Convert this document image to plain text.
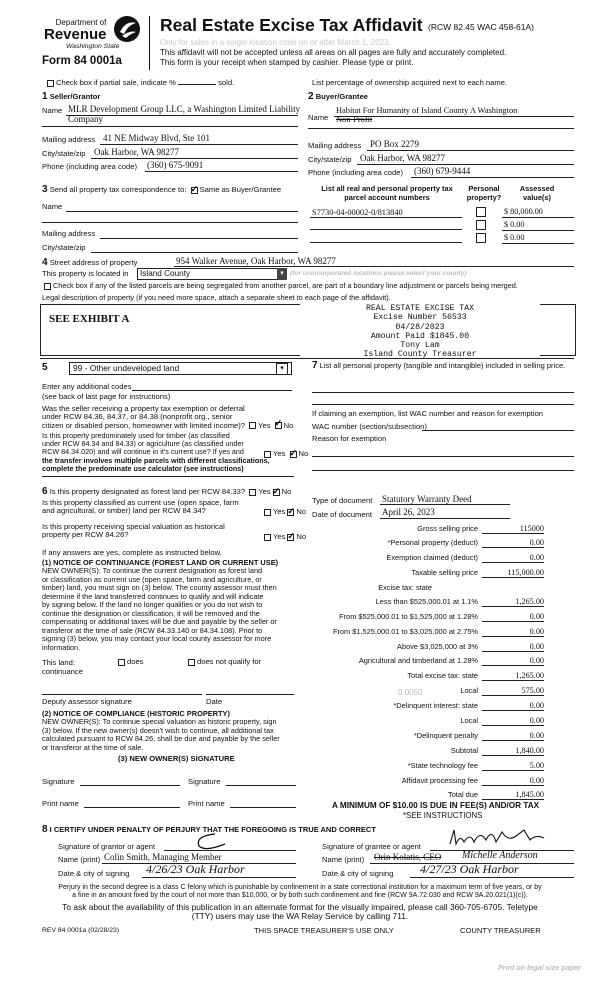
Department of
Revenue
Washington State
Form 84 0001a
Real Estate Excise Tax Affidavit (RCW 82.45 WAC 458-61A)
Only for sales in a single location code on or after March 1, 2023.
This affidavit will not be accepted unless all areas on all pages are fully and accurately completed.
This form is your receipt when stamped by cashier. Please type or print.
Check box if partial sale, indicate %	sold.	List percentage of ownership acquired next to each name.
1 Seller/Grantor
Name MLR Development Group LLC, a Washington Limited Liability
Company
Mailing address 41 NE Midway Blvd, Ste 101
City/state/zip Oak Harbor, WA 98277
Phone (including area code) (360) 675-9091
2 Buyer/Grantee
Name
Habitat For Humanity of Island County A Washington
Non-Profit
Mailing address PO Box 2279
City/state/zip Oak Harbor, WA 98277
Phone (including area code) (360) 679-9444
3 Send all property tax correspondence to: ✓ Same as Buyer/Grantee
Name
Mailing address
City/state/zip
List all real and personal property tax parcel account numbers
Personal property?
Assessed value(s)
S7730-04-00002-0/813840	$ 80,000.00
$ 0.00
$ 0.00
4 Street address of property	954 Walker Avenue, Oak Harbor, WA 98277
This property is located in	Island County	▾ (for unincorporated locations please select your county)
Check box if any of the listed parcels are being segregated from another parcel, are part of a boundary line adjustment or parcels being merged.
Legal description of property (if you need more space, attach a separate sheet to each page of the affidavit).
SEE EXHIBIT A
REAL ESTATE EXCISE TAX
Excise Number 56533
04/28/2023
Amount Paid $1845.00
Tony Lam
Island County Treasurer
5	99 - Other undeveloped land	▾
Enter any additional codes
(see back of last page for instructions)
Was the seller receiving a property tax exemption or deferral
under RCW 84.36, 84.37, or 84.38 (nonprofit org., senior
citizen or disabled person, homeowner with limited income)? Yes ✓ No
Is this property predominately used for timber (as classified
under RCW 84.34 and 84.33) or agriculture (as classified under
RCW 84.34.020) and will continue in it's current use? If yes and
the transfer involves multiple parcels with different classifications,
complete the predominate use calculator (see instructions)
Yes ✓ No
7 List all personal property (tangible and intangible) included in selling price.
If claiming an exemption, list WAC number and reason for exemption
WAC number (section/subsection)
Reason for exemption
6 Is this property designated as forest land per RCW 84.33? Yes ✓ No
Is this property classified as current use (open space, farm
and agricultural, or timber) land per RCW 84.34?	Yes ✓ No
Is this property receiving special valuation as historical
property per RCW 84.26?	Yes ✓ No
If any answers are yes, complete as instructed below.
(1) NOTICE OF CONTINUANCE (FOREST LAND OR CURRENT USE)
NEW OWNER(S): To continue the current designation as forest land
or classification as current use (open space, farm and agriculture, or
timber) land, you must sign on (3) below. The county assessor must then
determine if the land transferred continues to qualify and will indicate
by signing below. If the land no longer qualifies or you do not wish to
continue the designation or classification, it will be removed and the
compensating or additional taxes will be due and payable by the seller or
transferor at the time of sale (RCW 84.33.140 or 84.34.108). Prior to
signing (3) below, you may contact your local county assessor for more
information.
This land:	does	does not qualify for
continuance
Deputy assessor signature	Date
(2) NOTICE OF COMPLIANCE (HISTORIC PROPERTY)
NEW OWNER(S): To continue special valuation as historic property, sign
(3) below. If the new owner(s) doesn't wish to continue, all additional tax
calculated pursuant to RCW 84.26, shall be due and payable by the seller
or transferor at the time of sale.
(3) NEW OWNER(S) SIGNATURE
Signature	Signature
Print name	Print name
Type of document Statutory Warranty Deed
Date of document April 26, 2023
Gross selling price	115000
*Personal property (deduct)	0.00
Exemption claimed (deduct)	0.00
Taxable selling price	115,000.00
Excise tax: state
Less than $525,000.01 at 1.1%	1,265.00
From $525,000.01 to $1,525,000 at 1.28%	0.00
From $1,525,000.01 to $3,025,000 at 2.75%	0.00
Above $3,025,000 at 3%	0.00
Agricultural and timberland at 1.28%	0.00
Total excise tax: state	1,265.00
Local	575.00
*Delinquent interest: state	0.00
Local	0.00
*Delinquent penalty	0.00
Subtotal	1,840.00
*State technology fee	5.00
Affidavit processing fee	0.00
Total due	1,845.00
0.0050
A MINIMUM OF $10.00 IS DUE IN FEE(S) AND/OR TAX
*SEE INSTRUCTIONS
8 I CERTIFY UNDER PENALTY OF PERJURY THAT THE FOREGOING IS TRUE AND CORRECT
Signature of grantor or agent
Name (print) Colin Smith, Managing Member
Date & city of signing 4/26/23 Oak Harbor
Signature of grantee or agent
Name (print) Orin Kolatis, CEO Michelle Anderson
Date & city of signing 4/27/23 Oak Harbor
Perjury in the second degree is a class C felony which is punishable by confinement in a state correctional institution for a maximum term of five years, or by
a fine in an amount fixed by the court of not more than $10,000, or by both such confinement and fine (RCW 9A.72.030 and RCW 9A.20.021(1)(c)).
To ask about the availability of this publication in an alternate format for the visually impaired, please call 360-705-6705. Teletype
(TTY) users may use the WA Relay Service by calling 711.
REV 84 0001a (02/28/23)	THIS SPACE TREASURER'S USE ONLY	COUNTY TREASURER
Print on legal size paper
